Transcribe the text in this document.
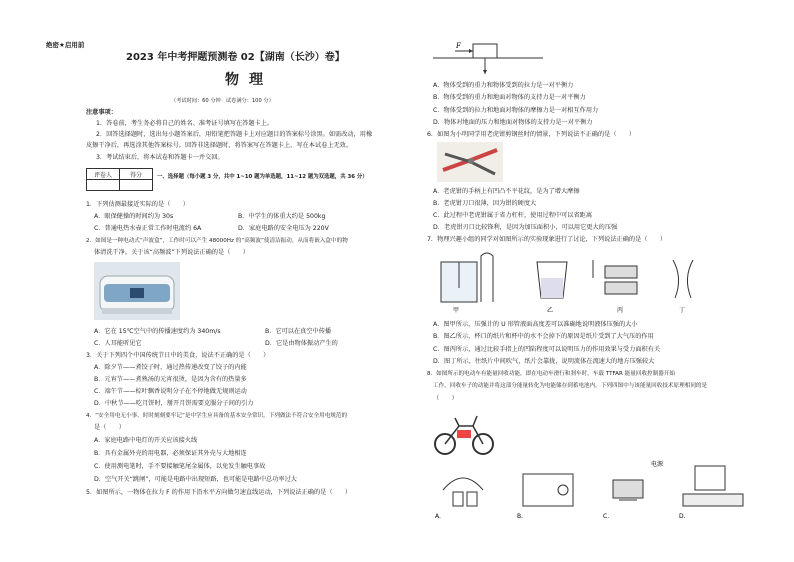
绝密★启用前
2023 年中考押题预测卷 02【湖南（长沙）卷】
物理
（考试时间：60 分钟　试卷满分：100 分）
注意事项：
1．答卷前，考生务必将自己的姓名、准考证号填写在答题卡上。
2．回答选择题时，选出每小题答案后，用铅笔把答题卡上对应题目的答案标号涂黑。如需改动，用橡
皮擦干净后，再选涂其他答案标号。回答非选择题时，将答案写在答题卡上，写在本试卷上无效。
3．考试结束后，将本试卷和答题卡一并交回。
评卷人	得分
		一、选择题（每小题 3 分，共中 1~10 题为单选题，11~12 题为双选题，共 36 分）
1．下列估测最接近实际的是（　　）
A．眼保健操的时间约为 30s	B．中学生的体重大约是 500kg
C．普通电热水壶正常工作时电流约 6A	D．家庭电路的安全电压为 220V
2．如图是一种电动式“声波盒”，工作时可以产生 48000Hz 的“高频波”使清洁振动，从而将嵌入盒中的物
体清洗干净。关于该“高频波”下列说法正确的是（　　）
A．它在 15℃空气中的传播速度约为 340m/s	B．它可以在真空中传播
C．人耳能听见它	D．它是由物体振动产生的
3．关于下列四个中国传统节日中的美食，说法不正确的是（　　）
A．除夕节——煮饺子时，通过热传递改变了饺子的内能
B．元宵节——煮熟汤的元宵很烫，是因为含有的热量多
C．端午节——棕叶飘香说明分子在不停地做无规则运动
D．中秋节——吃月饼时，掰开月饼需要克服分子间的引力
4．“安全用电无小事，时时刻刻要牢记”是中学生应具备的基本安全常识。下列做法不符合安全用电规范的
是（　　）
A．家庭电路中电灯的开关应该接火线
B．具有金属外壳的用电器，必须保证其外壳与大地相连
C．使用测电笔时，手不要接触笔尾金属体，以免发生触电事故
D．空气开关“跳闸”，可能是电路中出现短路，也可能是电路中总功率过大
5．如图所示，一物体在拉力 F 的作用下沿水平方向做匀速直线运动，下列说法正确的是（　　）
F
A．物体受到的重力和物体受到的拉力是一对平衡力
B．物体受到的重力和地面对物体的支持力是一对平衡力
C．物体受到的拉力和地面对物体的摩擦力是一对相互作用力
D．物体对地面的压力和地面对物体的支持力是一对平衡力
6．如图为小明同学用老虎钳剪钢丝时的情景，下列说法不正确的是（　　）
A．老虎钳的手柄上有凹凸不平花纹，是为了增大摩擦
B．老虎钳刀口很薄，因为钳的硬度大
C．此过程中老虎钳属于省力杠杆，使用过程中可以省距离
D．老虎钳刃口比较锋利，是因为加压面积小，可以用它更大的压强
7．物理兴趣小组的同学对如图所示的实验现象进行了讨论，下列说法正确的是（　　）
甲	乙	丙	丁
A．图甲所示，压强计的 U 形管液面高度差可以准确地说明液体压强的大小
B．图乙所示，杯口的纸片和杯中的水不会掉下的原因是纸片受到了大气压的作用
C．图丙所示，通过比较手指上的凹陷程度可以说明压力的作用效果与受力面积有关
D．图丁所示，往纸片中间吹气，纸片会靠拢，说明流体在流速大的地方压强较大
8．如图所示的电动车有能量回收功能，即在电动车滑行和刹车时，车载 TTFAR 能量回收控制器开始
工作，回收车子的动能并将这部分能量转化为电能储存到蓄电池内。下列四图中与该能量回收技术原理相同的是
（　　）
电源
A.	B.	C.	D.
